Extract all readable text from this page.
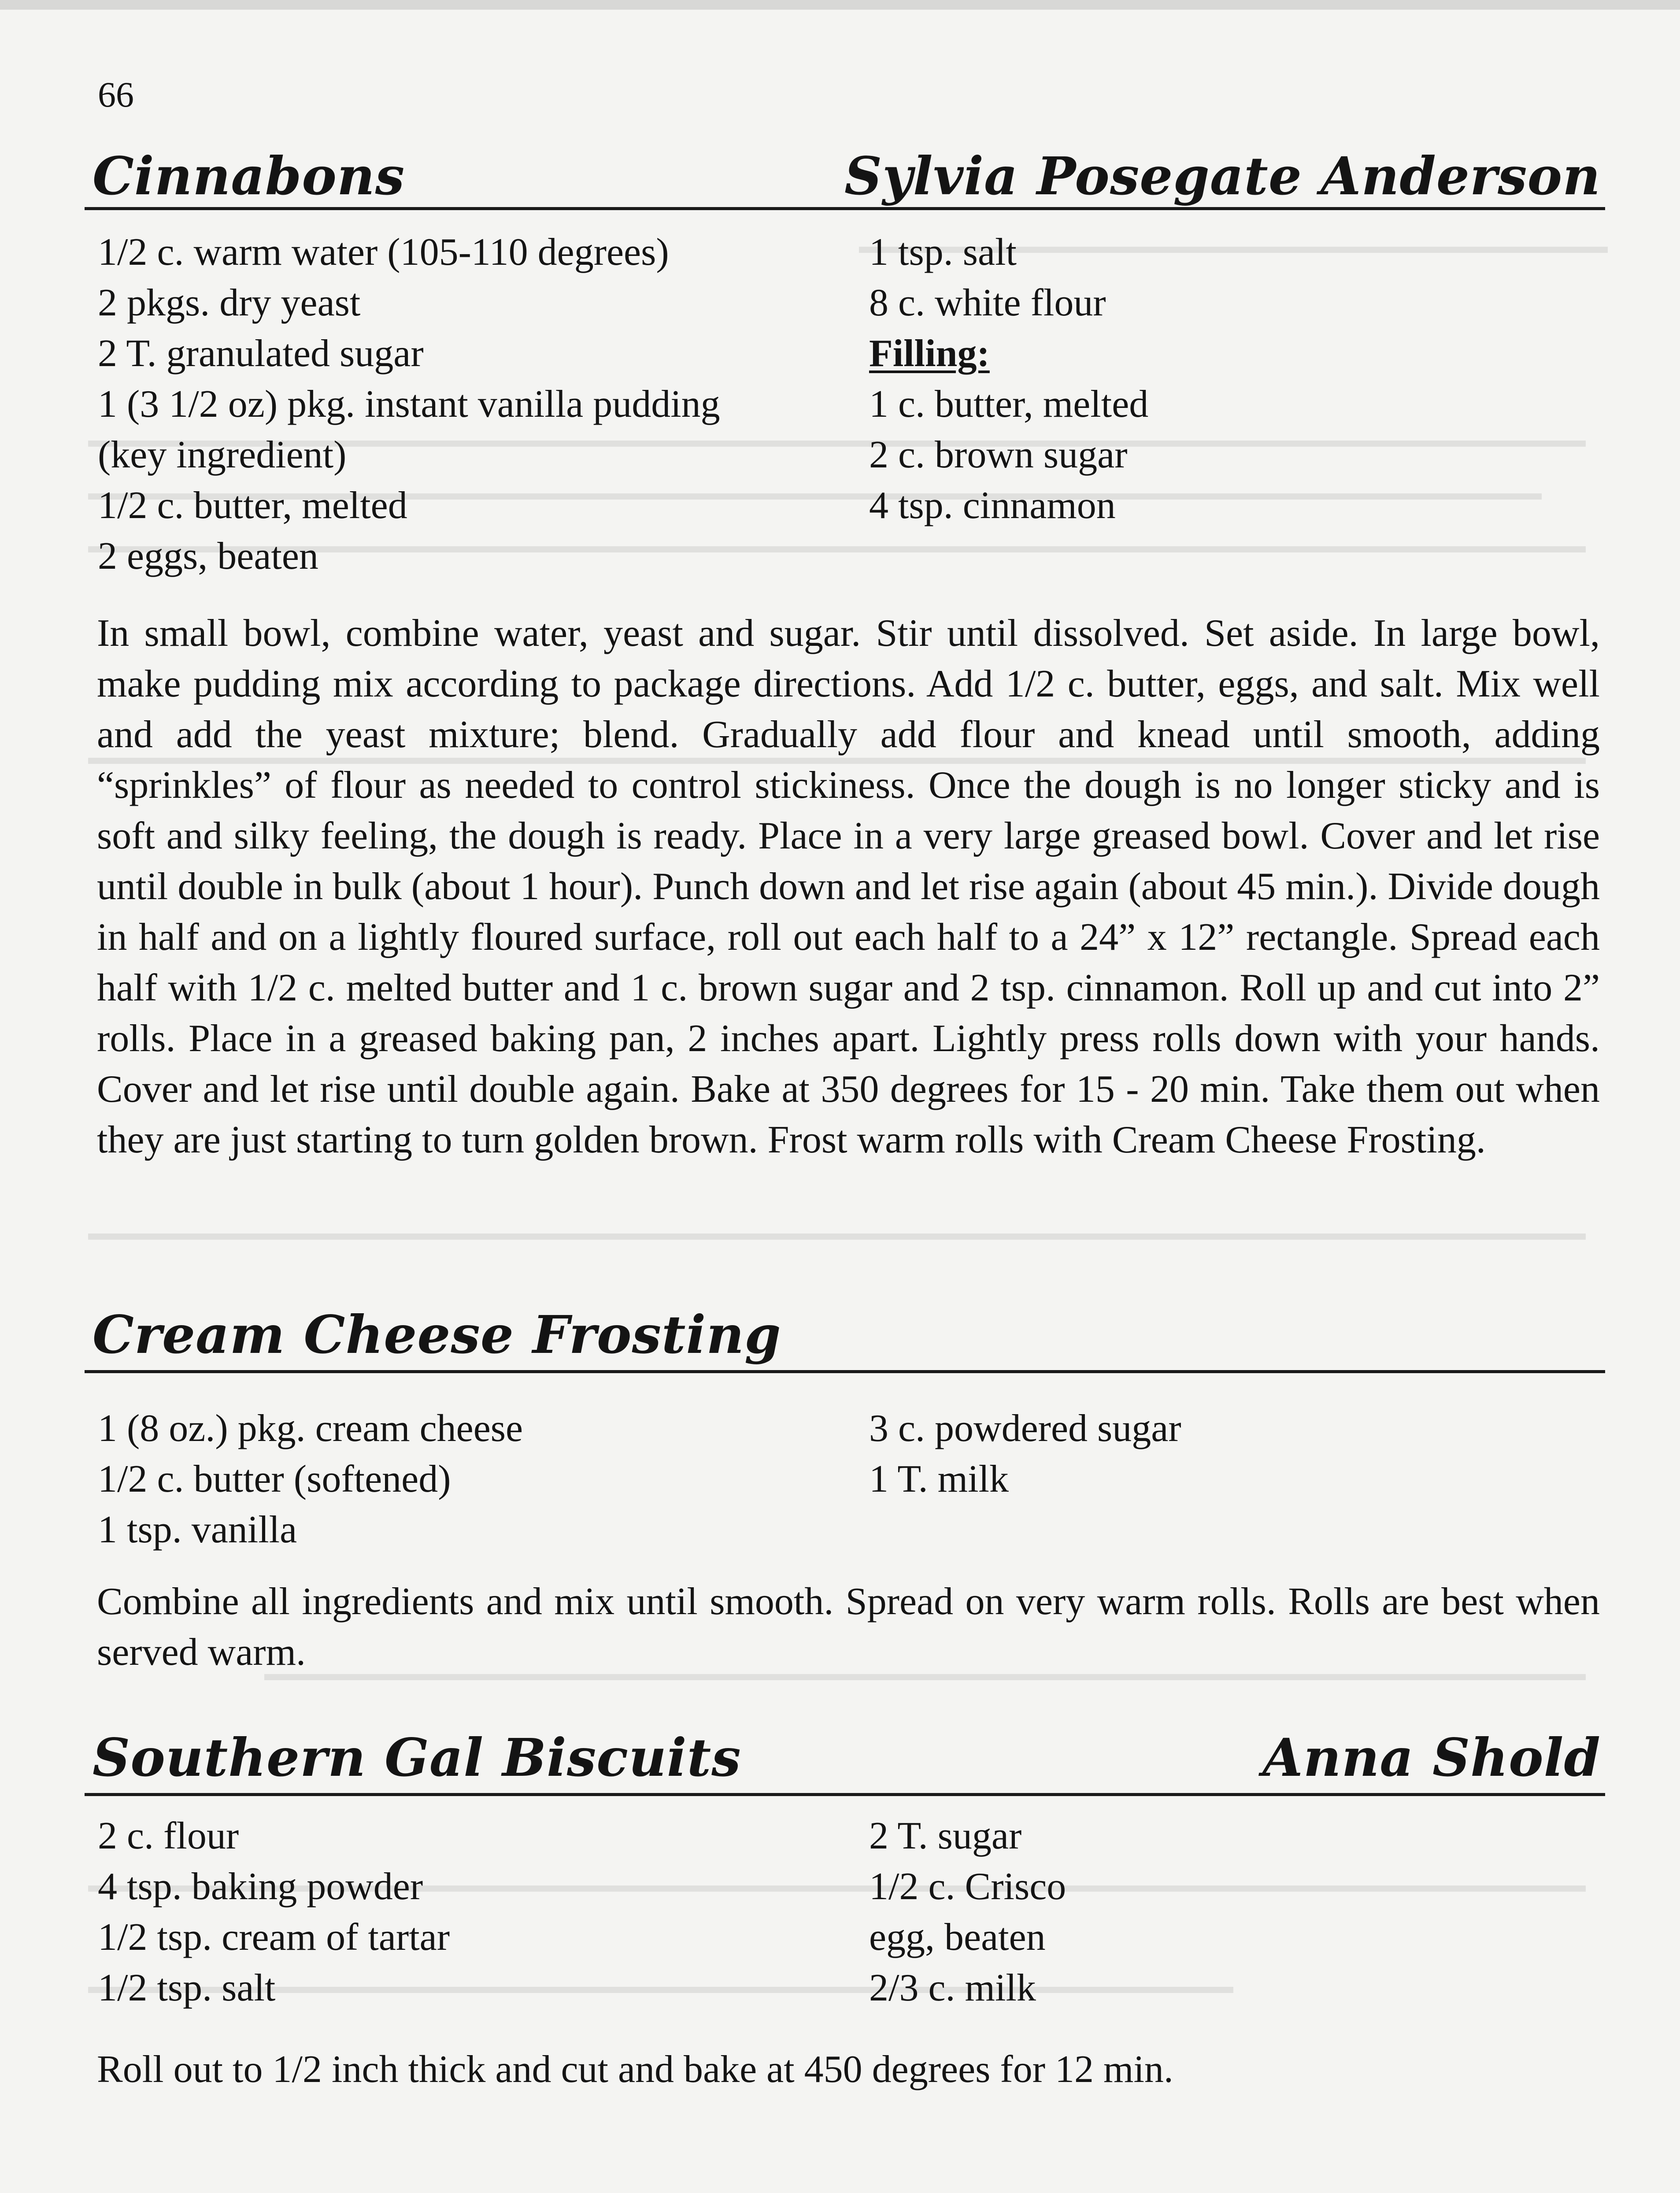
66
Cinnabons	Sylvia Posegate Anderson
1/2 c. warm water (105-110 degrees)
2 pkgs. dry yeast
2 T. granulated sugar
1 (3 1/2 oz) pkg. instant vanilla pudding
(key ingredient)
1/2 c. butter, melted
2 eggs, beaten
1 tsp. salt
8 c. white flour
Filling:
1 c. butter, melted
2 c. brown sugar
4 tsp. cinnamon
In small bowl, combine water, yeast and sugar. Stir until dissolved. Set aside. In large bowl, make pudding mix according to package directions. Add 1/2 c. butter, eggs, and salt. Mix well and add the yeast mixture; blend. Gradually add flour and knead until smooth, adding “sprinkles” of flour as needed to control stickiness. Once the dough is no longer sticky and is soft and silky feeling, the dough is ready. Place in a very large greased bowl. Cover and let rise until double in bulk (about 1 hour). Punch down and let rise again (about 45 min.). Divide dough in half and on a lightly floured surface, roll out each half to a 24” x 12” rectangle. Spread each half with 1/2 c. melted butter and 1 c. brown sugar and 2 tsp. cinnamon. Roll up and cut into 2” rolls. Place in a greased baking pan, 2 inches apart. Lightly press rolls down with your hands. Cover and let rise until double again. Bake at 350 degrees for 15 - 20 min. Take them out when they are just starting to turn golden brown. Frost warm rolls with Cream Cheese Frosting.
Cream Cheese Frosting
1 (8 oz.) pkg. cream cheese
1/2 c. butter (softened)
1 tsp. vanilla
3 c. powdered sugar
1 T. milk
Combine all ingredients and mix until smooth. Spread on very warm rolls. Rolls are best when served warm.
Southern Gal Biscuits	Anna Shold
2 c. flour
4 tsp. baking powder
1/2 tsp. cream of tartar
1/2 tsp. salt
2 T. sugar
1/2 c. Crisco
egg, beaten
2/3 c. milk
Roll out to 1/2 inch thick and cut and bake at 450 degrees for 12 min.
